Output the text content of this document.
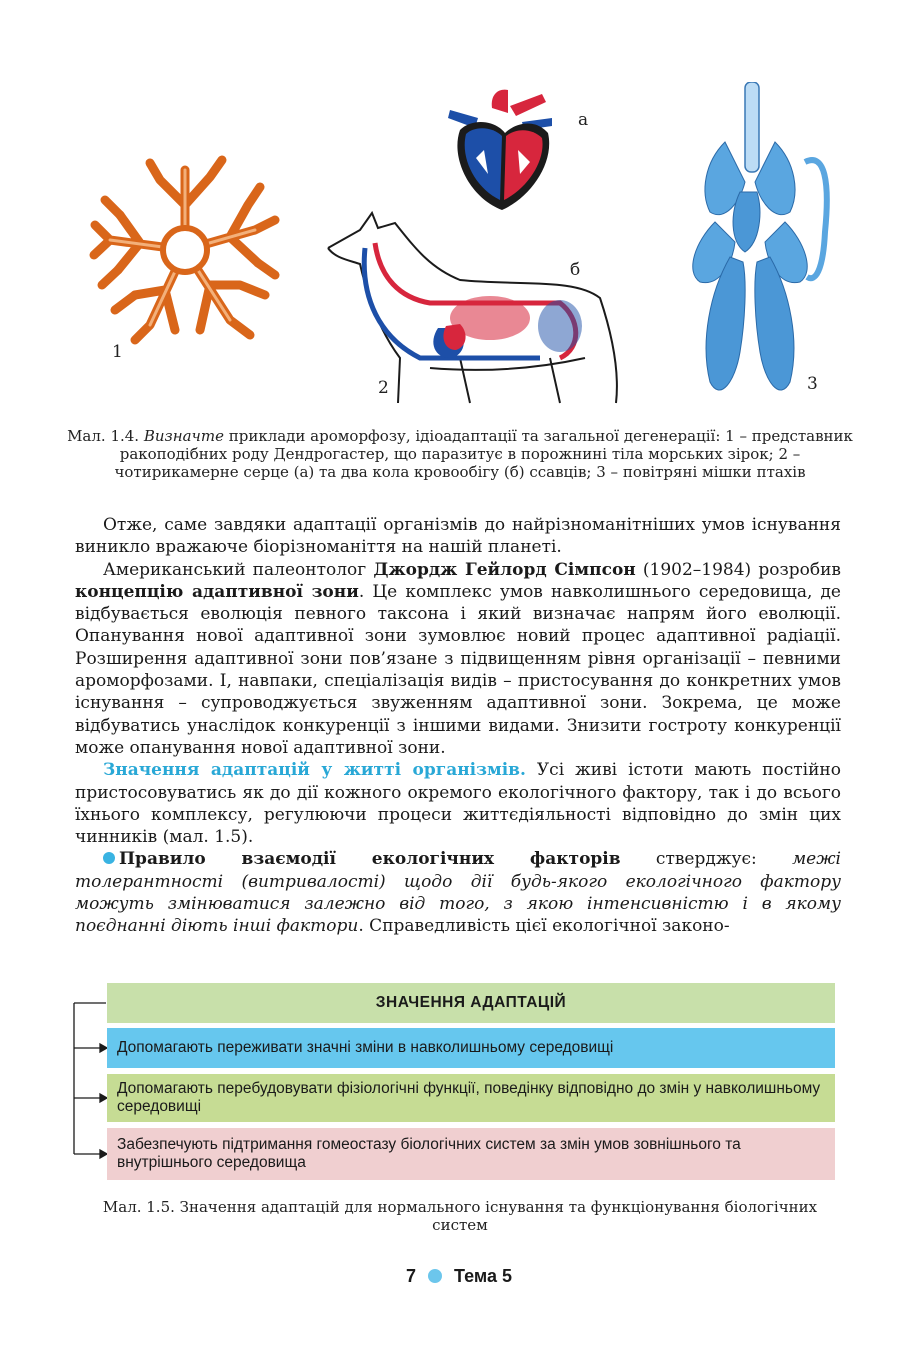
1
а
б
2	3
Мал. 1.4. Визначте приклади ароморфозу, ідіоадаптації та загальної дегенерації: 1 – представник ракоподібних роду Дендрогастер, що паразитує в порожнині тіла морських зірок; 2 – чотирикамерне серце (а) та два кола кровообігу (б) ссавців; 3 – повітряні мішки птахів

Отже, саме завдяки адаптації організмів до найрізноманітніших умов існування виникло вражаюче біорізноманіття на нашій планеті.

Американський палеонтолог Джордж Гейлорд Сімпсон (1902–1984) розробив концепцію адаптивної зони. Це комплекс умов навколишнього середовища, де відбувається еволюція певного таксона і який визначає напрям його еволюції. Опанування нової адаптивної зони зумовлює новий процес адаптивної радіації. Розширення адаптивної зони пов’язане з підвищенням рівня організації – певними ароморфозами. І, навпаки, спеціалізація видів – пристосування до конкретних умов існування – супроводжується звуженням адаптивної зони. Зокрема, це може відбуватись унаслідок конкуренції з іншими видами. Знизити гостроту конкуренції може опанування нової адаптивної зони.

Значення адаптацій у житті організмів. Усі живі істоти мають постійно пристосовуватись як до дії кожного окремого екологічного фактору, так і до всього їхнього комплексу, регулюючи процеси життєдіяльності відповідно до змін цих чинників (мал. 1.5).

Правило взаємодії екологічних факторів стверджує: межі толерантності (витривалості) щодо дії будь-якого екологічного фактору можуть змінюватися залежно від того, з якою інтенсивністю і в якому поєднанні діють інші фактори. Справедливість цієї екологічної законо-

ЗНАЧЕННЯ АДАПТАЦІЙ
Допомагають переживати значні зміни в навколишньому середовищі
Допомагають перебудовувати фізіологічні функції, поведінку відповідно до змін у навколишньому середовищі
Забезпечують підтримання гомеостазу біологічних систем за змін умов зовнішнього та внутрішнього середовища
Мал. 1.5. Значення адаптацій для нормального існування та функціонування біологічних систем
7 Тема 5
